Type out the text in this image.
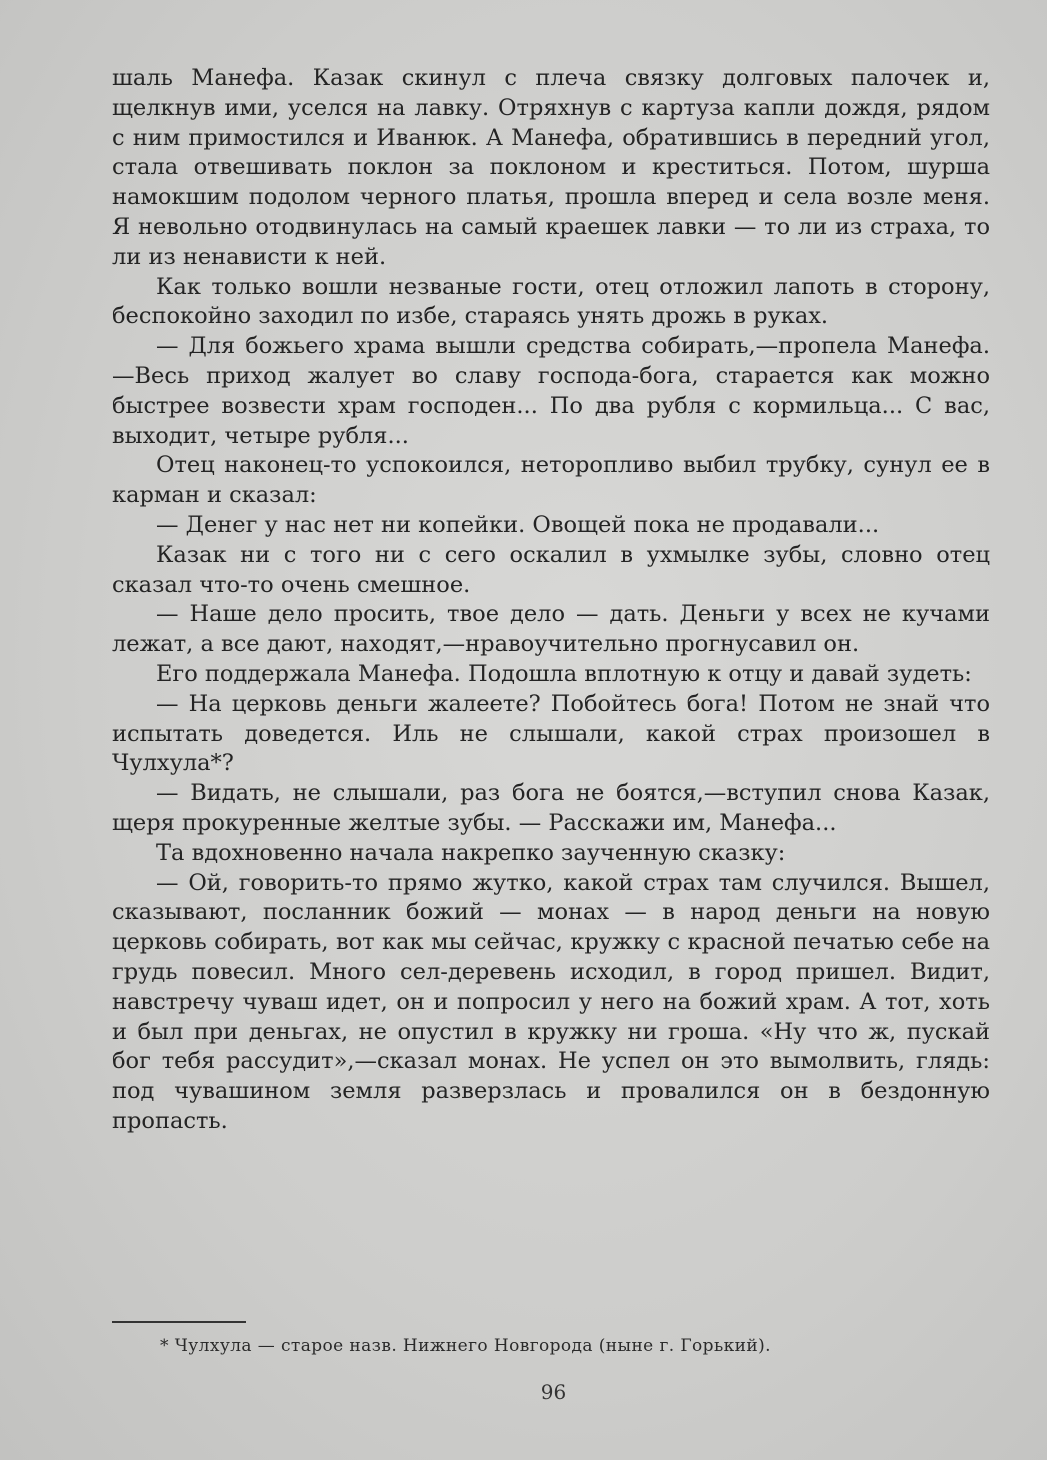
шаль Манефа. Казак скинул с плеча связку долговых палочек и, щелкнув ими, уселся на лавку. Отряхнув с картуза капли дождя, рядом с ним примостился и Иванюк. А Манефа, обратившись в передний угол, стала отвешивать поклон за поклоном и креститься. Потом, шурша намокшим подолом черного платья, прошла вперед и села возле меня. Я невольно отодвинулась на самый краешек лавки — то ли из страха, то ли из ненависти к ней.

Как только вошли незваные гости, отец отложил лапоть в сторону, беспокойно заходил по избе, стараясь унять дрожь в руках.

— Для божьего храма вышли средства собирать,—пропела Манефа.—Весь приход жалует во славу господа-бога, старается как можно быстрее возвести храм господен... По два рубля с кормильца... С вас, выходит, четыре рубля...

Отец наконец-то успокоился, неторопливо выбил трубку, сунул ее в карман и сказал:

— Денег у нас нет ни копейки. Овощей пока не продавали...

Казак ни с того ни с сего оскалил в ухмылке зубы, словно отец сказал что-то очень смешное.

— Наше дело просить, твое дело — дать. Деньги у всех не кучами лежат, а все дают, находят,—нравоучительно прогнусавил он.

Его поддержала Манефа. Подошла вплотную к отцу и давай зудеть:

— На церковь деньги жалеете? Побойтесь бога! Потом не знай что испытать доведется. Иль не слышали, какой страх произошел в Чулхула*?

— Видать, не слышали, раз бога не боятся,—вступил снова Казак, щеря прокуренные желтые зубы. — Расскажи им, Манефа...

Та вдохновенно начала накрепко заученную сказку:

— Ой, говорить-то прямо жутко, какой страх там случился. Вышел, сказывают, посланник божий — монах — в народ деньги на новую церковь собирать, вот как мы сейчас, кружку с красной печатью себе на грудь повесил. Много сел-деревень исходил, в город пришел. Видит, навстречу чуваш идет, он и попросил у него на божий храм. А тот, хоть и был при деньгах, не опустил в кружку ни гроша. «Ну что ж, пускай бог тебя рассудит»,—сказал монах. Не успел он это вымолвить, глядь: под чувашином земля разверзлась и провалился он в бездонную пропасть.

* Чулхула — старое назв. Нижнего Новгорода (ныне г. Горький).
96
